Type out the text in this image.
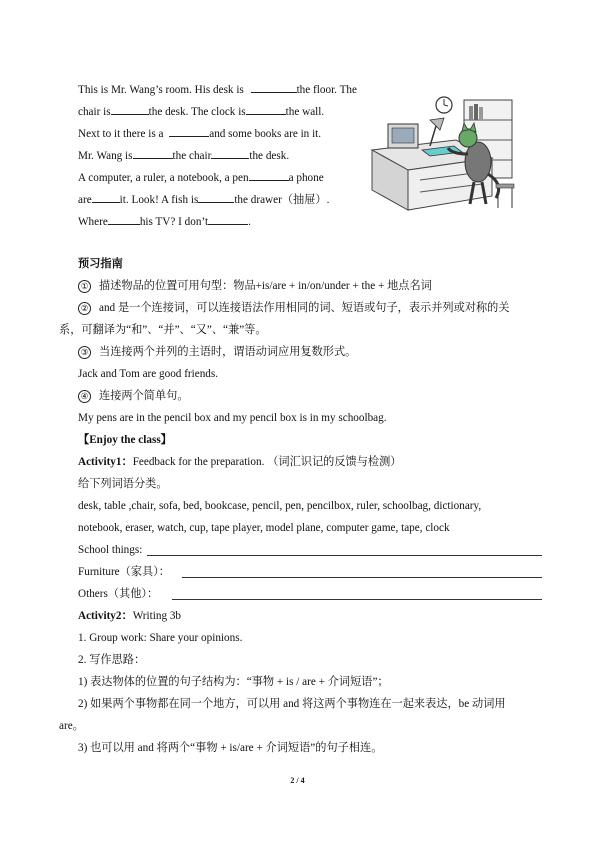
This is Mr. Wang’s room. His desk is	the floor. The
chair is	the desk. The clock is	the wall.
Next to it there is a	and some books are in it.
Mr. Wang is	the chair	the desk.
A computer, a ruler, a notebook, a pen	a phone
are	it. Look! A fish is	the drawer（抽屉）.
Where	his TV? I don’t	.
预习指南
① 描述物品的位置可用句型：物品+is/are + in/on/under + the + 地点名词
② and 是一个连接词，可以连接语法作用相同的词、短语或句子，表示并列或对称的关
系，可翻译为“和”、“并”、“又”、“兼”等。
③ 当连接两个并列的主语时，谓语动词应用复数形式。
Jack and Tom are good friends.
④ 连接两个简单句。
My pens are in the pencil box and my pencil box is in my schoolbag.
【Enjoy the class】
Activity1：Feedback for the preparation. （词汇识记的反馈与检测）
给下列词语分类。
desk, table ,chair, sofa, bed, bookcase, pencil, pen, pencilbox, ruler, schoolbag, dictionary,
notebook, eraser, watch, cup, tape player, model plane, computer game, tape, clock
School things:
Furniture（家具）：
Others（其他）：
Activity2：Writing 3b
1. Group work: Share your opinions.
2. 写作思路：
1) 表达物体的位置的句子结构为：“事物 + is / are + 介词短语”；
2) 如果两个事物都在同一个地方，可以用 and 将这两个事物连在一起来表达，be 动词用
are。
3) 也可以用 and 将两个“事物 + is/are + 介词短语”的句子相连。
2 / 4
